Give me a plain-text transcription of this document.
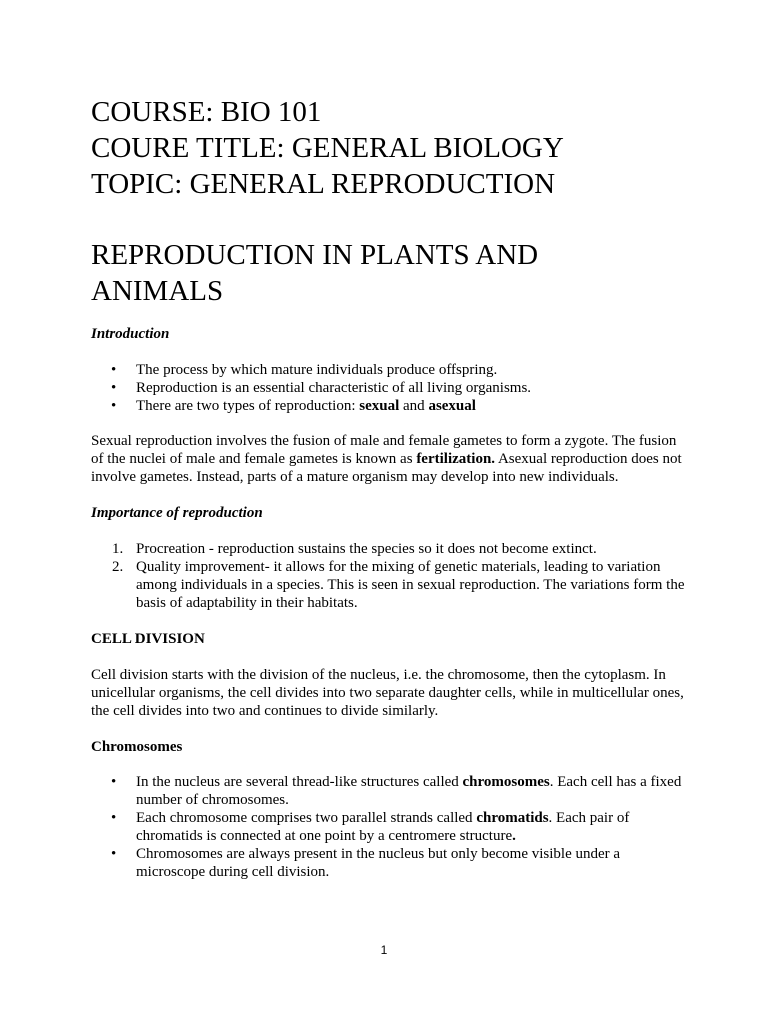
COURSE: BIO 101
COURE TITLE: GENERAL BIOLOGY
TOPIC: GENERAL REPRODUCTION
REPRODUCTION IN PLANTS AND
ANIMALS

Introduction

• The process by which mature individuals produce offspring.
• Reproduction is an essential characteristic of all living organisms.
• There are two types of reproduction: sexual and asexual

Sexual reproduction involves the fusion of male and female gametes to form a zygote. The fusion of the nuclei of male and female gametes is known as fertilization. Asexual reproduction does not involve gametes. Instead, parts of a mature organism may develop into new individuals.

Importance of reproduction

1. Procreation - reproduction sustains the species so it does not become extinct.
2. Quality improvement- it allows for the mixing of genetic materials, leading to variation among individuals in a species. This is seen in sexual reproduction. The variations form the basis of adaptability in their habitats.

CELL DIVISION

Cell division starts with the division of the nucleus, i.e. the chromosome, then the cytoplasm. In unicellular organisms, the cell divides into two separate daughter cells, while in multicellular ones, the cell divides into two and continues to divide similarly.

Chromosomes

• In the nucleus are several thread-like structures called chromosomes. Each cell has a fixed number of chromosomes.
• Each chromosome comprises two parallel strands called chromatids. Each pair of chromatids is connected at one point by a centromere structure.
• Chromosomes are always present in the nucleus but only become visible under a microscope during cell division.
1
